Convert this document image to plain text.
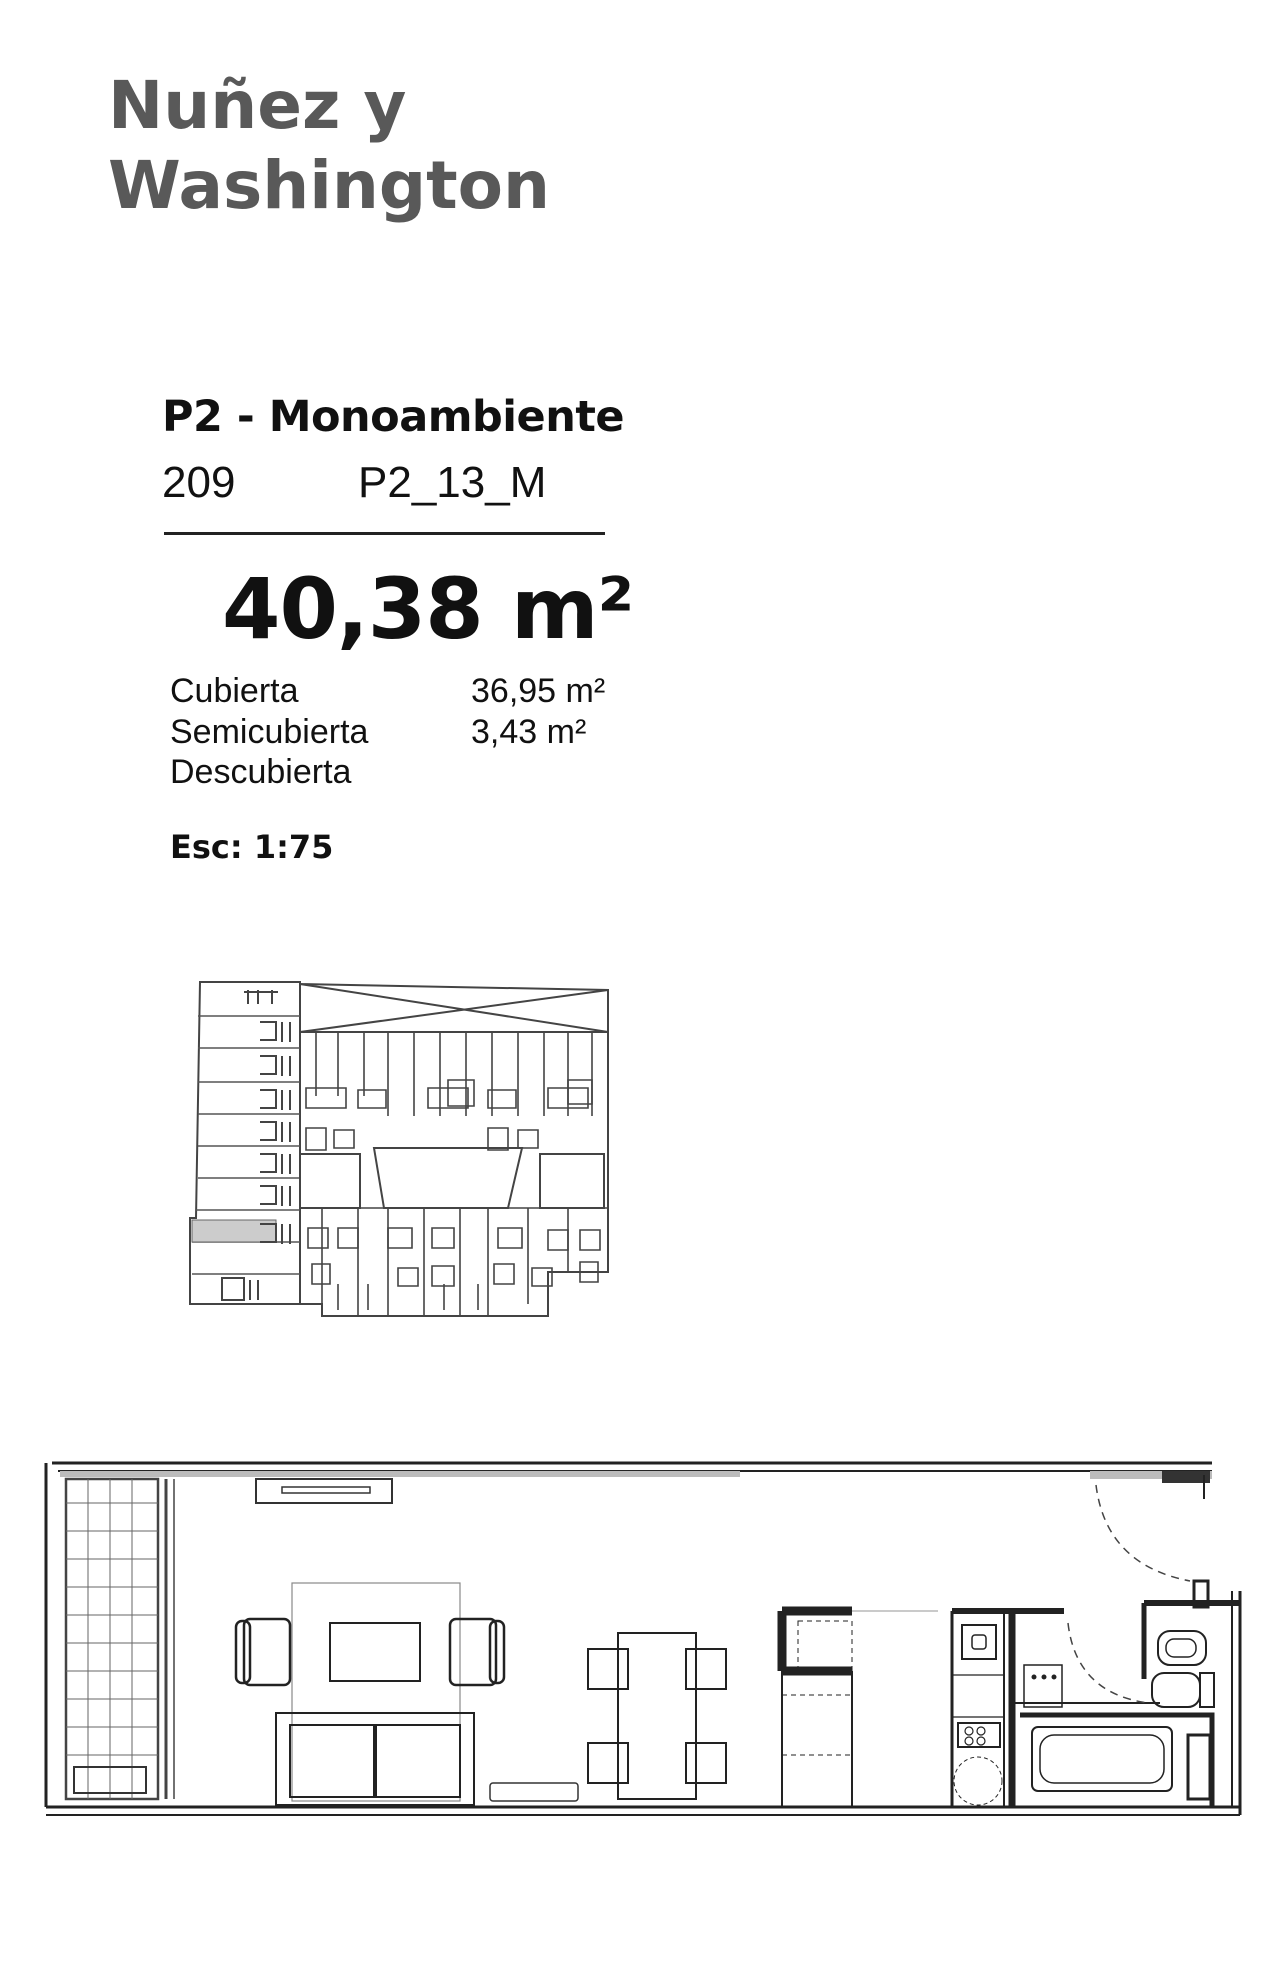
Nuñez y
Washington
P2 - Monoambiente
209	P2_13_M
40,38 m²
Cubierta	36,95 m²
Semicubierta	3,43 m²
Descubierta
Esc: 1:75
